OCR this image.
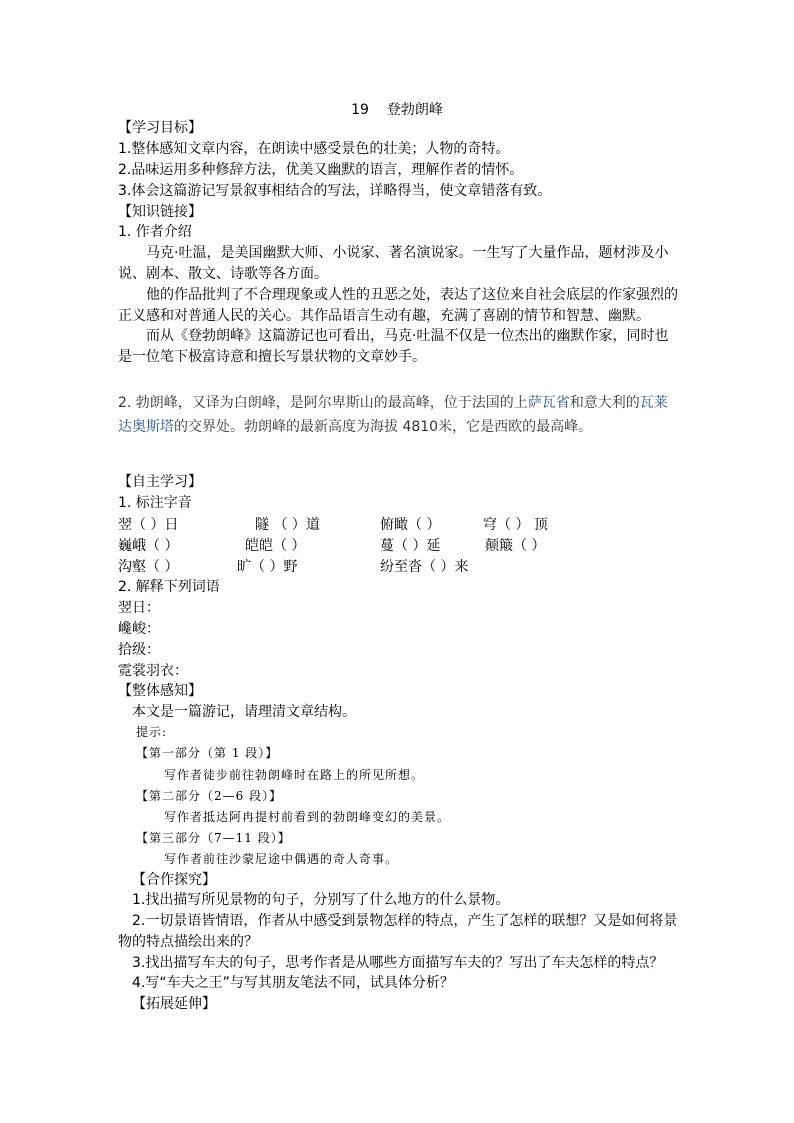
19 登勃朗峰
【学习目标】
1.整体感知文章内容，在朗读中感受景色的壮美；人物的奇特。
2.品味运用多种修辞方法，优美又幽默的语言，理解作者的情怀。
3.体会这篇游记写景叙事相结合的写法，详略得当，使文章错落有致。
【知识链接】
1. 作者介绍
马克·吐温，是美国幽默大师、小说家、著名演说家。一生写了大量作品，题材涉及小
说、剧本、散文、诗歌等各方面。
他的作品批判了不合理现象或人性的丑恶之处，表达了这位来自社会底层的作家强烈的
正义感和对普通人民的关心。其作品语言生动有趣，充满了喜剧的情节和智慧、幽默。
而从《登勃朗峰》这篇游记也可看出，马克·吐温不仅是一位杰出的幽默作家，同时也
是一位笔下极富诗意和擅长写景状物的文章妙手。
2. 勃朗峰，又译为白朗峰，是阿尔卑斯山的最高峰，位于法国的上萨瓦省和意大利的瓦莱
达奥斯塔的交界处。勃朗峰的最新高度为海拔 4810米，它是西欧的最高峰。
【自主学习】
1. 标注字音
翌（ ）日	隧 （ ）道	俯瞰（ ）	穹（ ） 顶
巍峨（ ）	皑皑（ ）	蔓（ ）延	颠簸（ ）
沟壑（ ）	旷（ ）野	纷至沓（ ）来
2. 解释下列词语
翌日：
巉峻：
拾级：
霓裳羽衣：
【整体感知】
本文是一篇游记，请理清文章结构。
提示:
【第一部分（第 1 段）】
写作者徒步前往勃朗峰时在路上的所见所想。
【第二部分（2—6 段）】
写作者抵达阿冉提村前看到的勃朗峰变幻的美景。
【第三部分（7—11 段）】
写作者前往沙蒙尼途中偶遇的奇人奇事。
【合作探究】
1.找出描写所见景物的句子，分别写了什么地方的什么景物。
2.一切景语皆情语，作者从中感受到景物怎样的特点，产生了怎样的联想？又是如何将景
物的特点描绘出来的？
3.找出描写车夫的句子，思考作者是从哪些方面描写车夫的？写出了车夫怎样的特点？
4.写“车夫之王”与写其朋友笔法不同，试具体分析？
【拓展延伸】
